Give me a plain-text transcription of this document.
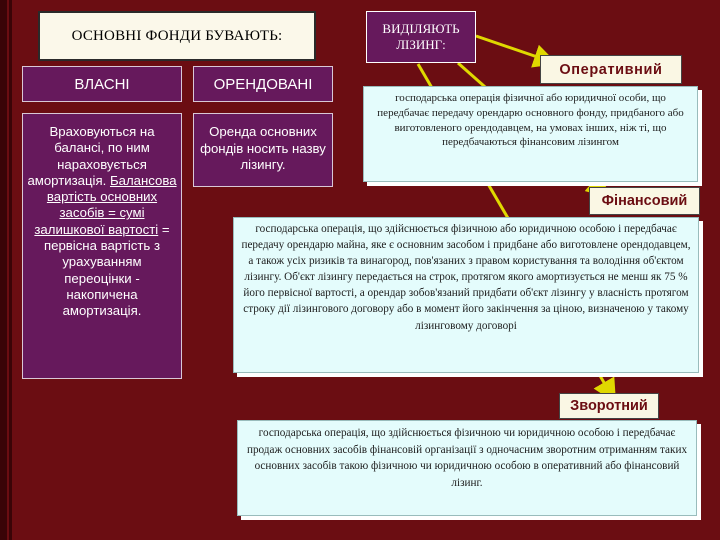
ОСНОВНІ ФОНДИ БУВАЮТЬ:
ВЛАСНІ	ОРЕНДОВАНІ
Враховуються на балансі, по ним нараховується амортизація. Балансова вартість основних засобів = сумі залишкової вартості = первісна вартість з урахуванням переоцінки - накопичена амортизація.
Оренда основних фондів носить назву лізингу.
ВИДІЛЯЮТЬ ЛІЗИНГ:
Оперативний
господарська операція фізичної або юридичної особи, що передбачає передачу орендарю основного фонду, придбаного або виготовленого орендодавцем, на умовах інших, ніж ті, що передбачаються фінансовим лізингом
Фінансовий
господарська операція, що здійснюється фізичною або юридичною особою і передбачає передачу орендарю майна, яке є основним засобом і придбане або виготовлене орендодавцем, а також усіх ризиків та винагород, пов'язаних з правом користування та володіння об'єктом лізингу. Об'єкт лізингу передається на строк, протягом якого амортизується не менш як 75 % його первісної вартості, а орендар зобов'язаний придбати об'єкт лізингу у власність протягом строку дії лізингового договору або в момент його закінчення за ціною, визначеною у такому лізинговому договорі
Зворотний
господарська операція, що здійснюється фізичною чи юридичною особою і передбачає продаж основних засобів фінансовій організації з одночасним зворотним отриманням таких основних засобів такою фізичною чи юридичною особою в оперативний або фінансовий лізинг.
